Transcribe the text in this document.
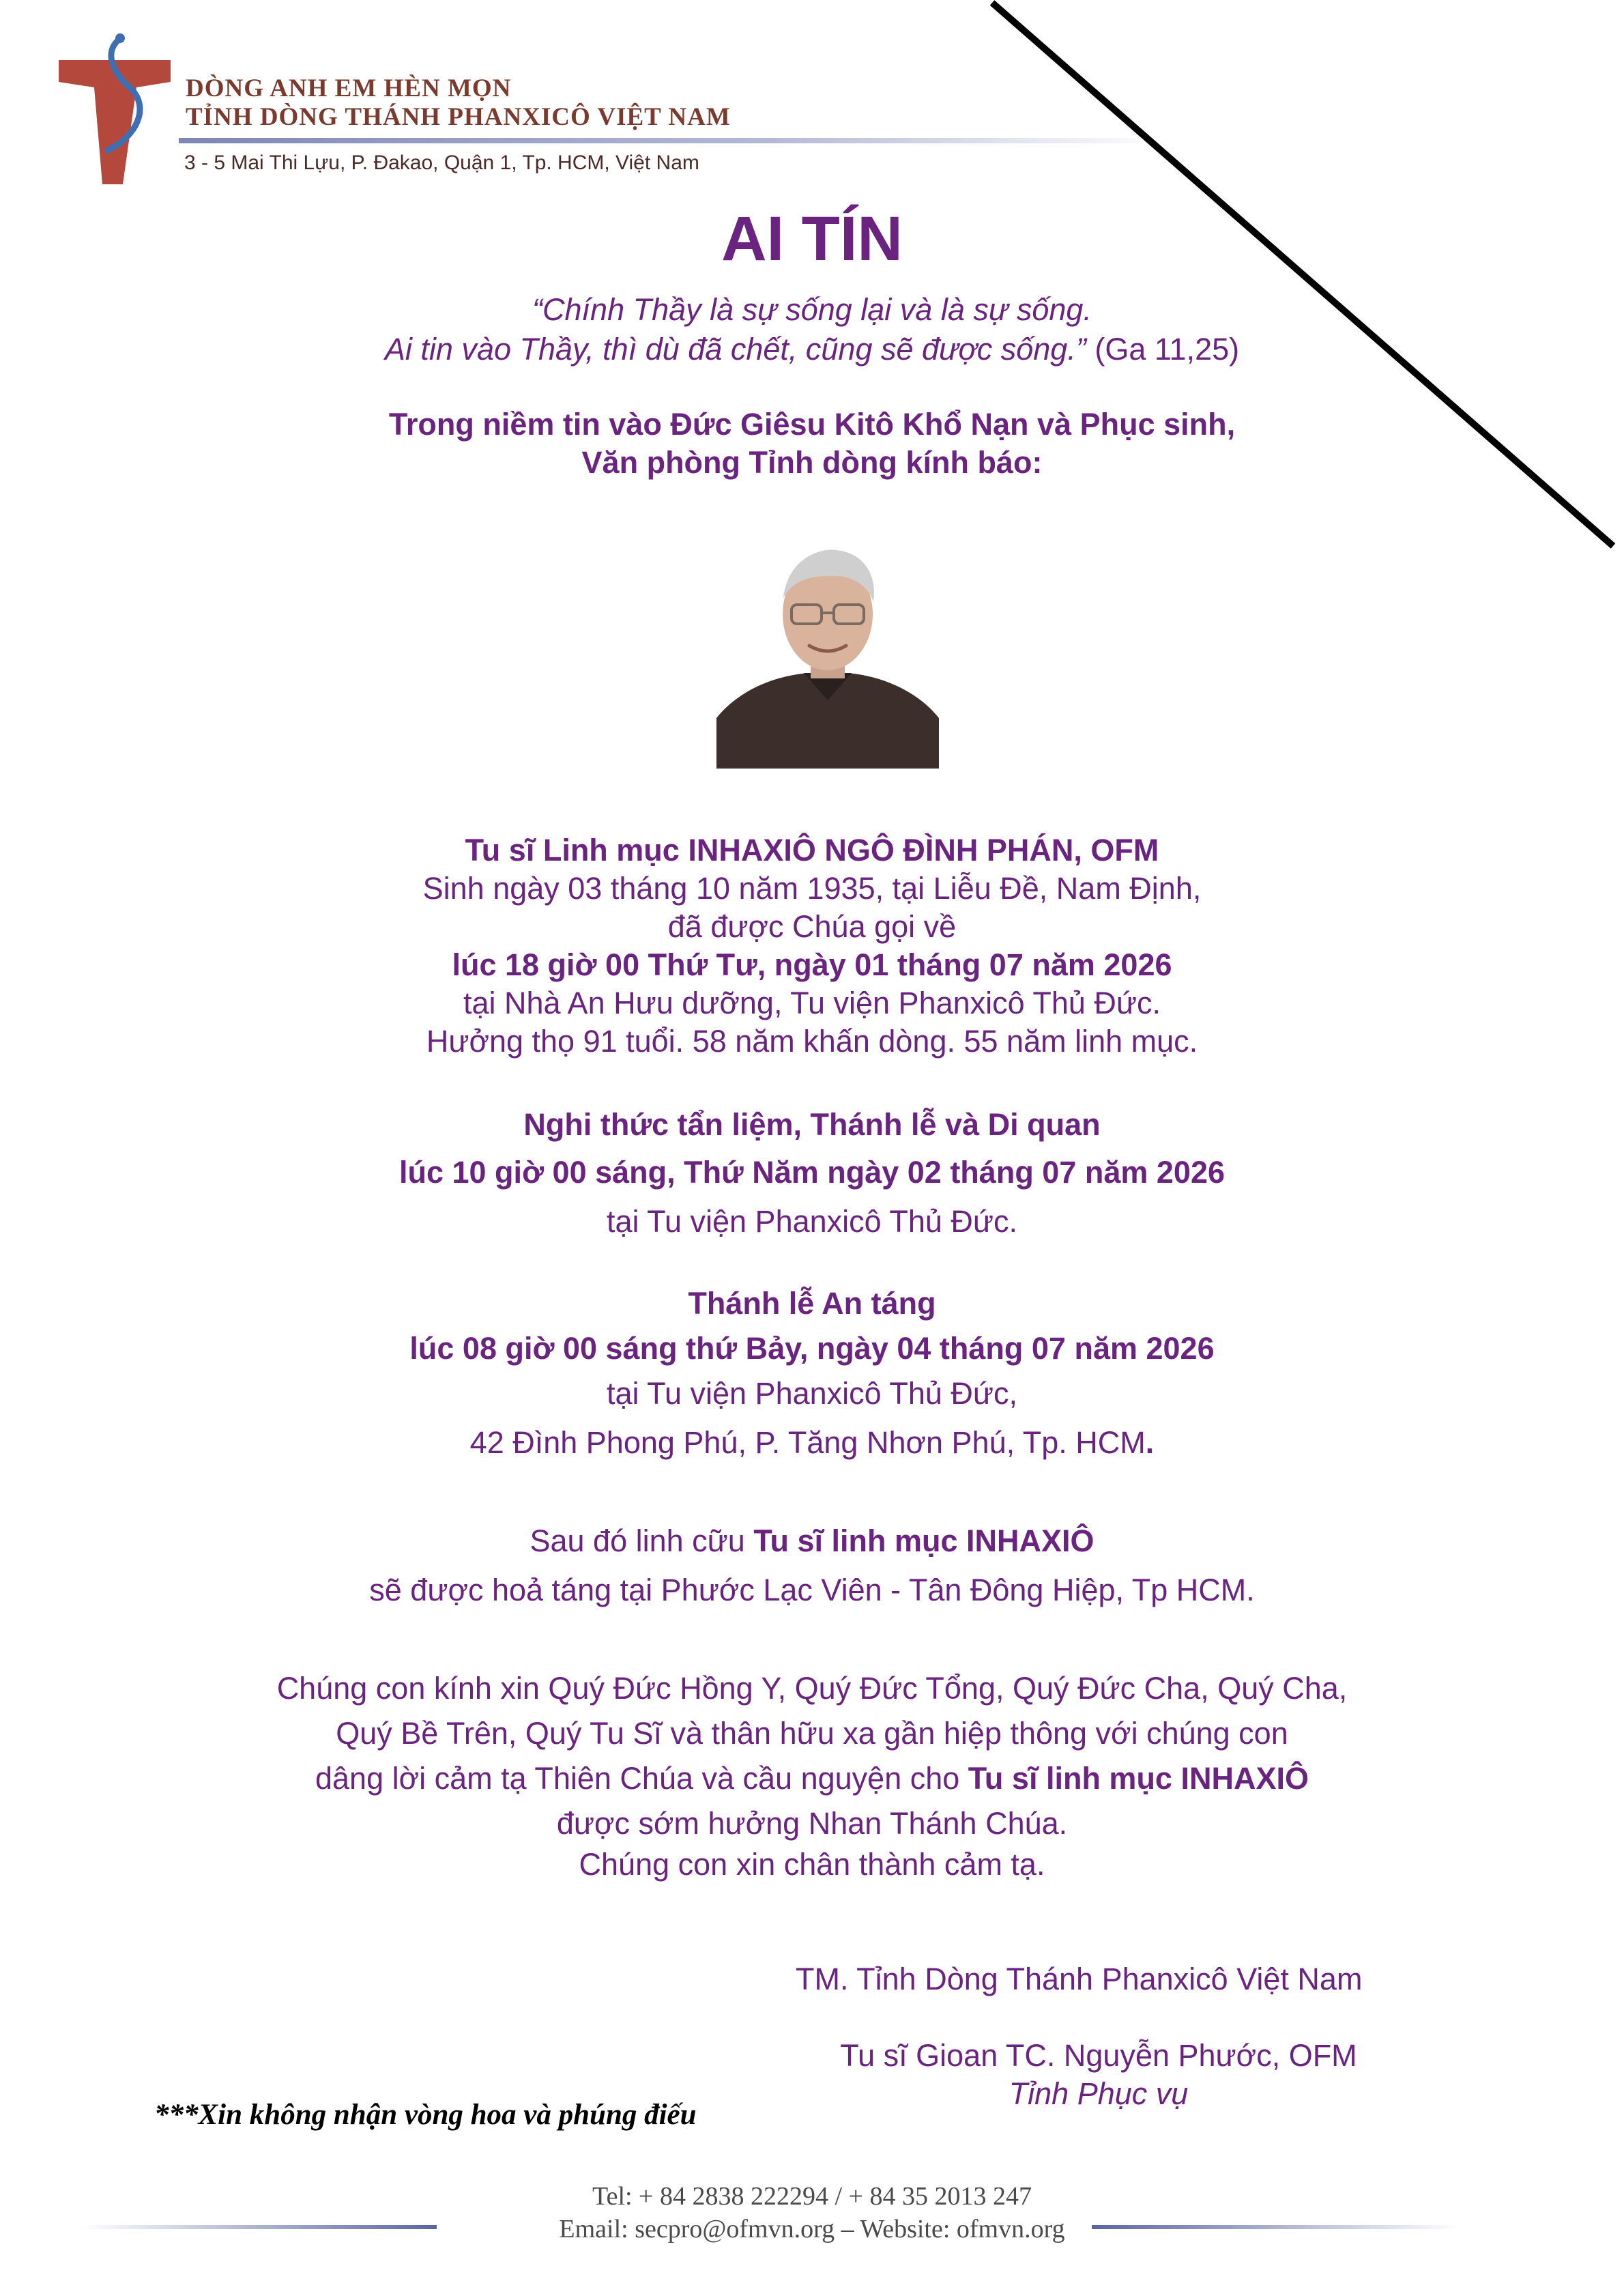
DÒNG ANH EM HÈN MỌN
TỈNH DÒNG THÁNH PHANXICÔ VIỆT NAM
3 - 5 Mai Thi Lựu, P. Đakao, Quận 1, Tp. HCM, Việt Nam
AI TÍN
“Chính Thầy là sự sống lại và là sự sống.
Ai tin vào Thầy, thì dù đã chết, cũng sẽ được sống.” (Ga 11,25)
Trong niềm tin vào Đức Giêsu Kitô Khổ Nạn và Phục sinh,
Văn phòng Tỉnh dòng kính báo:
Tu sĩ Linh mục INHAXIÔ NGÔ ĐÌNH PHÁN, OFM
Sinh ngày 03 tháng 10 năm 1935, tại Liễu Đề, Nam Định,
đã được Chúa gọi về
lúc 18 giờ 00 Thứ Tư, ngày 01 tháng 07 năm 2026
tại Nhà An Hưu dưỡng, Tu viện Phanxicô Thủ Đức.
Hưởng thọ 91 tuổi. 58 năm khấn dòng. 55 năm linh mục.
Nghi thức tẩn liệm, Thánh lễ và Di quan
lúc 10 giờ 00 sáng, Thứ Năm ngày 02 tháng 07 năm 2026
tại Tu viện Phanxicô Thủ Đức.
Thánh lễ An táng
lúc 08 giờ 00 sáng thứ Bảy, ngày 04 tháng 07 năm 2026
tại Tu viện Phanxicô Thủ Đức,
42 Đình Phong Phú, P. Tăng Nhơn Phú, Tp. HCM.
Sau đó linh cữu Tu sĩ linh mục INHAXIÔ
sẽ được hoả táng tại Phước Lạc Viên - Tân Đông Hiệp, Tp HCM.
Chúng con kính xin Quý Đức Hồng Y, Quý Đức Tổng, Quý Đức Cha, Quý Cha,
Quý Bề Trên, Quý Tu Sĩ và thân hữu xa gần hiệp thông với chúng con
dâng lời cảm tạ Thiên Chúa và cầu nguyện cho Tu sĩ linh mục INHAXIÔ
được sớm hưởng Nhan Thánh Chúa.
Chúng con xin chân thành cảm tạ.
TM. Tỉnh Dòng Thánh Phanxicô Việt Nam
Tu sĩ Gioan TC. Nguyễn Phước, OFM
Tỉnh Phục vụ
***Xin không nhận vòng hoa và phúng điếu
Tel: + 84 2838 222294 / + 84 35 2013 247
Email: secpro@ofmvn.org – Website: ofmvn.org
